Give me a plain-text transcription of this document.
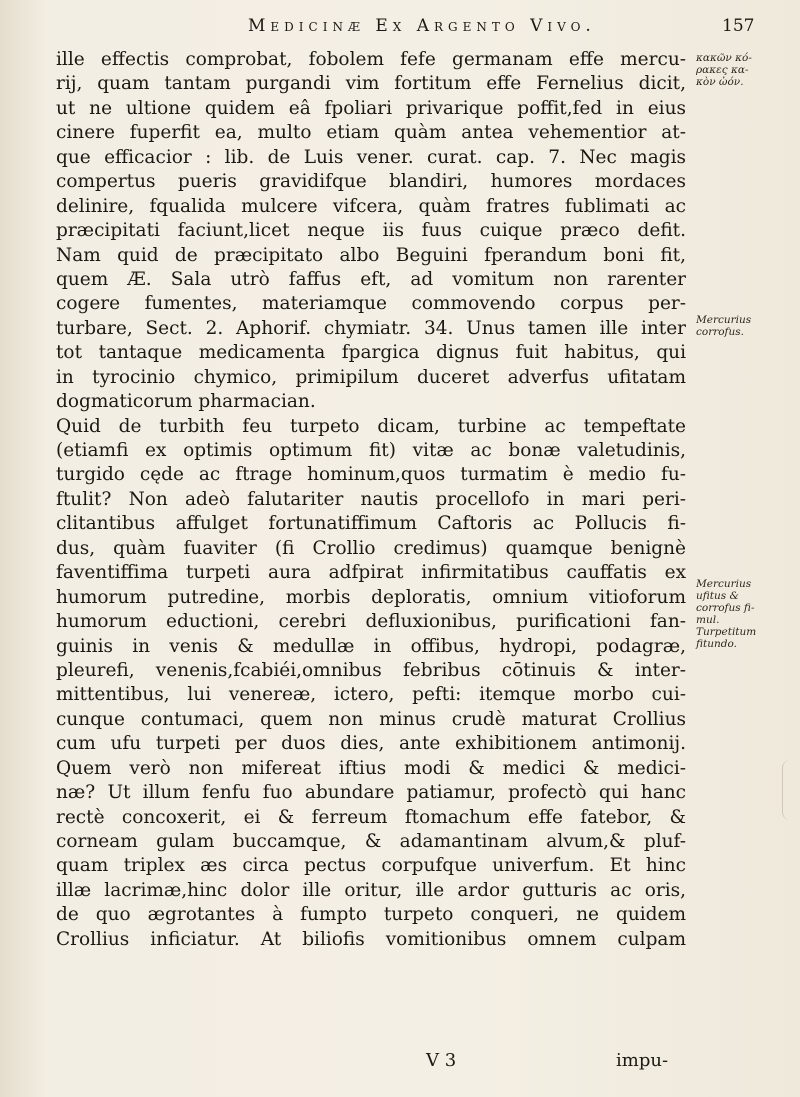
Medicinæ Ex Argento Vivo.	157
ille effectis comprobat, fobolem fefe germanam effe mercu-
rij, quam tantam purgandi vim fortitum effe Fernelius dicit,
ut ne ultione quidem eâ fpoliari privarique poffit,fed in eius
cinere fuperfit ea, multo etiam quàm antea vehementior at-
que efficacior : lib. de Luis vener. curat. cap. 7. Nec magis
compertus pueris gravidifque blandiri, humores mordaces
delinire, fqualida mulcere vifcera, quàm fratres fublimati ac
præcipitati faciunt,licet neque iis fuus cuique præco defit.
Nam quid de præcipitato albo Beguini fperandum boni fit,
quem Æ. Sala utrò faffus eft, ad vomitum non rarenter
cogere fumentes, materiamque commovendo corpus per-
turbare, Sect. 2. Aphorif. chymiatr. 34. Unus tamen ille inter
tot tantaque medicamenta fpargica dignus fuit habitus, qui
in tyrocinio chymico, primipilum duceret adverfus ufitatam
dogmaticorum pharmacian.
Quid de turbith feu turpeto dicam, turbine ac tempeftate
(etiamfi ex optimis optimum fit) vitæ ac bonæ valetudinis,
turgido cęde ac ftrage hominum,quos turmatim è medio fu-
ftulit? Non adeò falutariter nautis procellofo in mari peri-
clitantibus affulget fortunatiffimum Caftoris ac Pollucis fi-
dus, quàm fuaviter (fi Crollio credimus) quamque benignè
faventiffima turpeti aura adfpirat infirmitatibus cauffatis ex
humorum putredine, morbis deploratis, omnium vitioforum
humorum eductioni, cerebri defluxionibus, purificationi fan-
guinis in venis & medullæ in offibus, hydropi, podagræ,
pleurefi, venenis,fcabiéi,omnibus febribus cōtinuis & inter-
mittentibus, lui venereæ, ictero, pefti: itemque morbo cui-
cunque contumaci, quem non minus crudè maturat Crollius
cum ufu turpeti per duos dies, ante exhibitionem antimonij.
Quem verò non mifereat iftius modi & medici & medici-
næ? Ut illum fenfu fuo abundare patiamur, profectò qui hanc
rectè concoxerit, ei & ferreum ftomachum effe fatebor, &
corneam gulam buccamque, & adamantinam alvum,& pluf-
quam triplex æs circa pectus corpufque univerfum. Et hinc
illæ lacrimæ,hinc dolor ille oritur, ille ardor gutturis ac oris,
de quo ægrotantes à fumpto turpeto conqueri, ne quidem
Crollius inficiatur. At biliofis vomitionibus omnem culpam
κακῶν κό-
ρακες κα-
κὸν ὠόν.
Mercurius
corrofus.
Mercurius
ufitus &
corrofus fi-
mul.
Turpetitum
fitundo.
V 3	impu-
